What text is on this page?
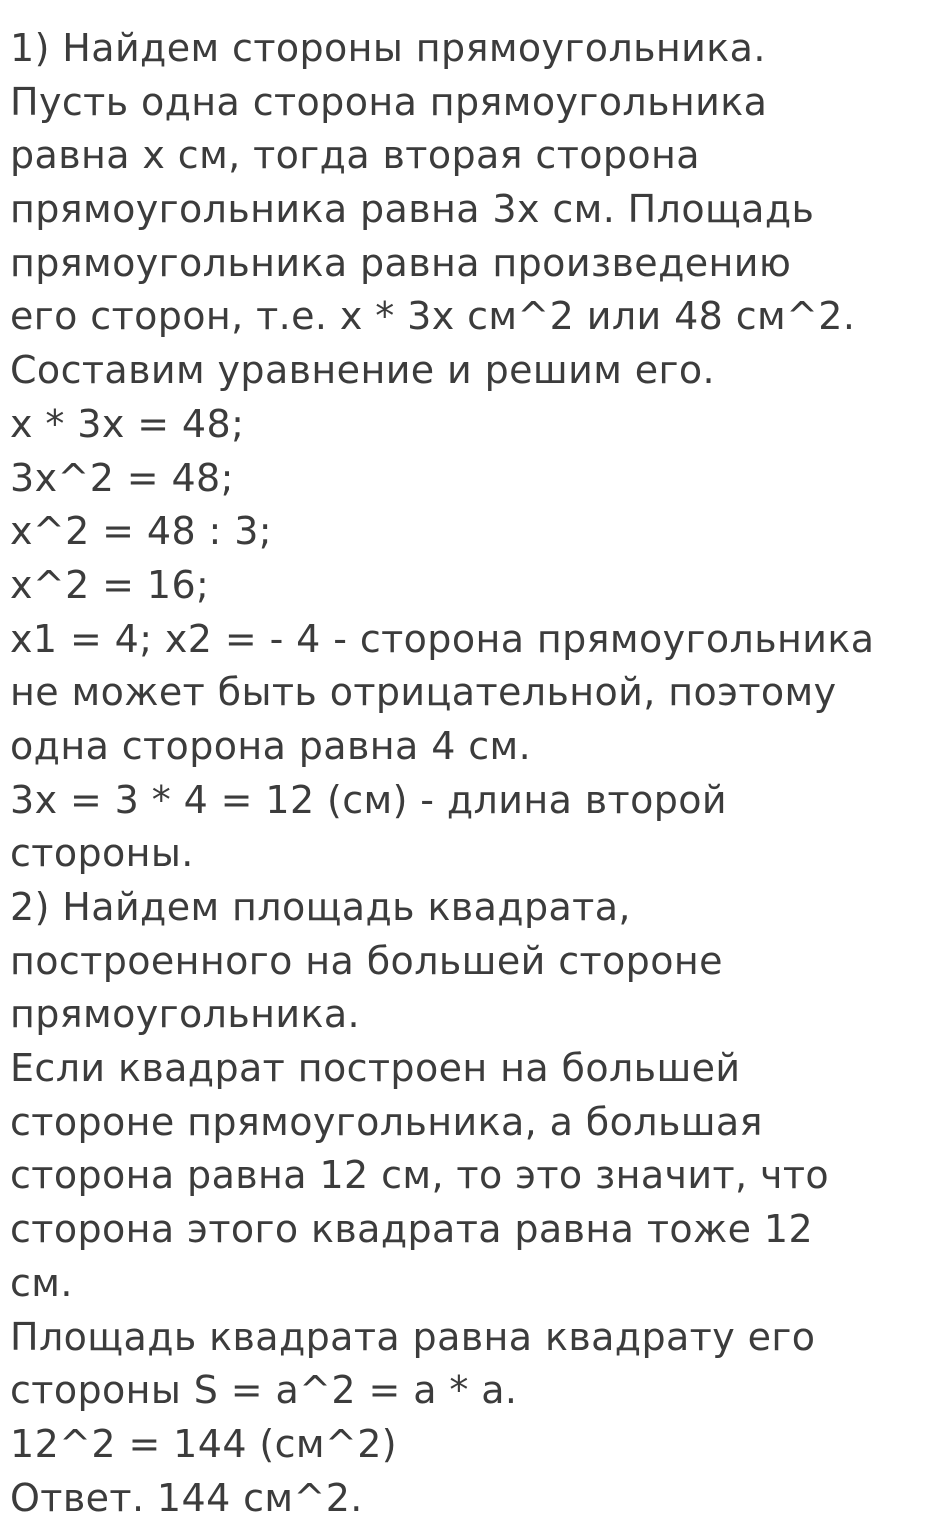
1) Найдем стороны прямоугольника.
Пусть одна сторона прямоугольника
равна x см, тогда вторая сторона
прямоугольника равна 3x см. Площадь
прямоугольника равна произведению
его сторон, т.е. x * 3x см^2 или 48 см^2.
Составим уравнение и решим его.
x * 3x = 48;
3x^2 = 48;
x^2 = 48 : 3;
x^2 = 16;
x1 = 4; x2 = - 4 - сторона прямоугольника
не может быть отрицательной, поэтому
одна сторона равна 4 см.
3x = 3 * 4 = 12 (см) - длина второй
стороны.
2) Найдем площадь квадрата,
построенного на большей стороне
прямоугольника.
Если квадрат построен на большей
стороне прямоугольника, а большая
сторона равна 12 см, то это значит, что
сторона этого квадрата равна тоже 12
см.
Площадь квадрата равна квадрату его
стороны S = a^2 = a * a.
12^2 = 144 (см^2)
Ответ. 144 см^2.
